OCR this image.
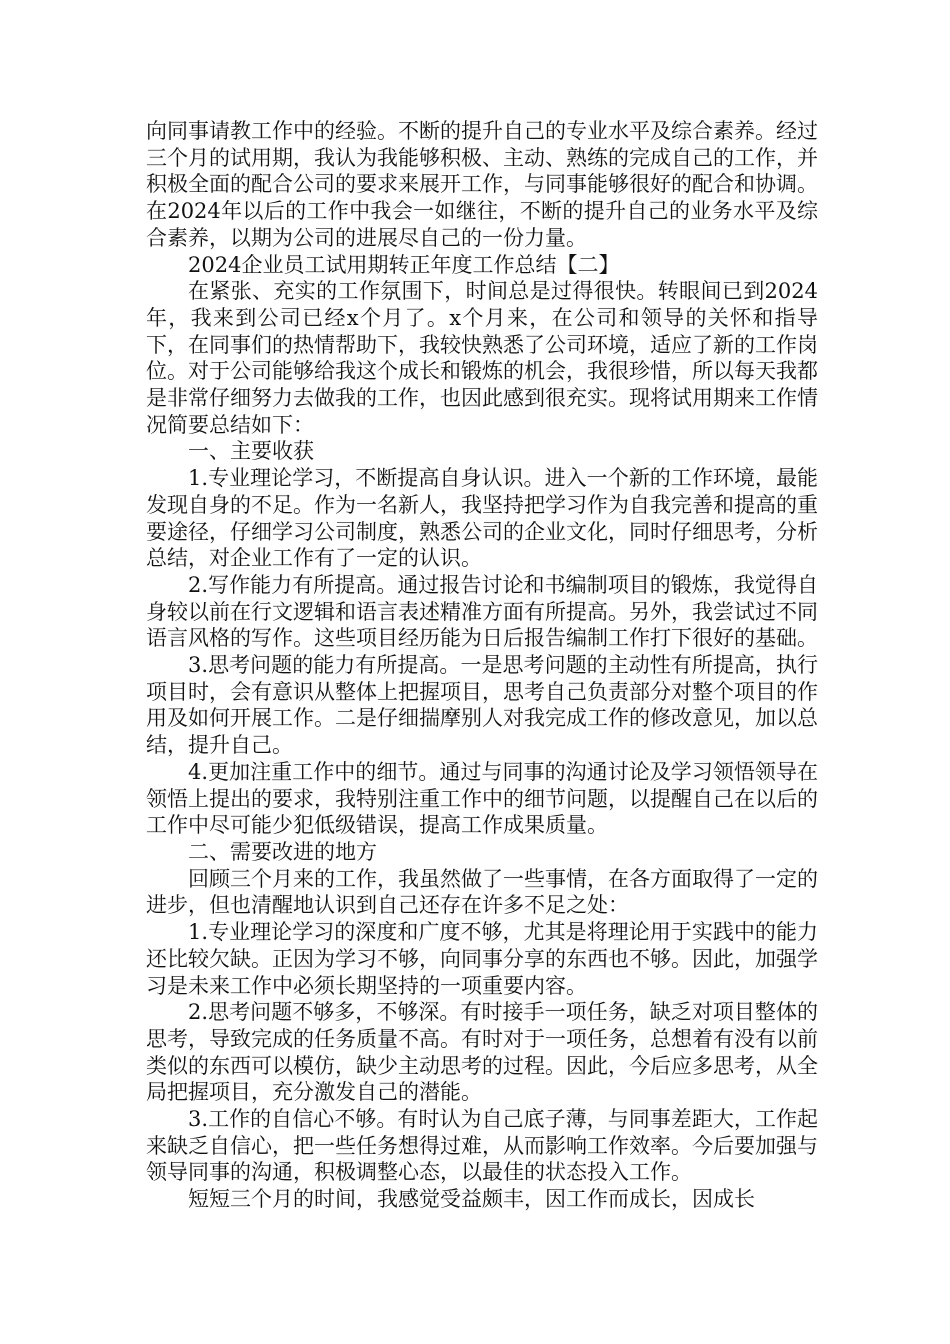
向同事请教工作中的经验。不断的提升自己的专业水平及综合素养。经过三个月的试用期，我认为我能够积极、主动、熟练的完成自己的工作，并积极全面的配合公司的要求来展开工作，与同事能够很好的配合和协调。在2024年以后的工作中我会一如继往，不断的提升自己的业务水平及综合素养，以期为公司的进展尽自己的一份力量。

2024企业员工试用期转正年度工作总结【二】

在紧张、充实的工作氛围下，时间总是过得很快。转眼间已到2024年，我来到公司已经x个月了。x个月来，在公司和领导的关怀和指导下，在同事们的热情帮助下，我较快熟悉了公司环境，适应了新的工作岗位。对于公司能够给我这个成长和锻炼的机会，我很珍惜，所以每天我都是非常仔细努力去做我的工作，也因此感到很充实。现将试用期来工作情况简要总结如下：

一、主要收获

1.专业理论学习，不断提高自身认识。进入一个新的工作环境，最能发现自身的不足。作为一名新人，我坚持把学习作为自我完善和提高的重要途径，仔细学习公司制度，熟悉公司的企业文化，同时仔细思考，分析总结，对企业工作有了一定的认识。

2.写作能力有所提高。通过报告讨论和书编制项目的锻炼，我觉得自身较以前在行文逻辑和语言表述精准方面有所提高。另外，我尝试过不同语言风格的写作。这些项目经历能为日后报告编制工作打下很好的基础。

3.思考问题的能力有所提高。一是思考问题的主动性有所提高，执行项目时，会有意识从整体上把握项目，思考自己负责部分对整个项目的作用及如何开展工作。二是仔细揣摩别人对我完成工作的修改意见，加以总结，提升自己。

4.更加注重工作中的细节。通过与同事的沟通讨论及学习领悟领导在领悟上提出的要求，我特别注重工作中的细节问题，以提醒自己在以后的工作中尽可能少犯低级错误，提高工作成果质量。

二、需要改进的地方

回顾三个月来的工作，我虽然做了一些事情，在各方面取得了一定的进步，但也清醒地认识到自己还存在许多不足之处：

1.专业理论学习的深度和广度不够，尤其是将理论用于实践中的能力还比较欠缺。正因为学习不够，向同事分享的东西也不够。因此，加强学习是未来工作中必须长期坚持的一项重要内容。

2.思考问题不够多，不够深。有时接手一项任务，缺乏对项目整体的思考，导致完成的任务质量不高。有时对于一项任务，总想着有没有以前类似的东西可以模仿，缺少主动思考的过程。因此，今后应多思考，从全局把握项目，充分激发自己的潜能。

3.工作的自信心不够。有时认为自己底子薄，与同事差距大，工作起来缺乏自信心，把一些任务想得过难，从而影响工作效率。今后要加强与领导同事的沟通，积极调整心态，以最佳的状态投入工作。

短短三个月的时间，我感觉受益颇丰，因工作而成长，因成长
